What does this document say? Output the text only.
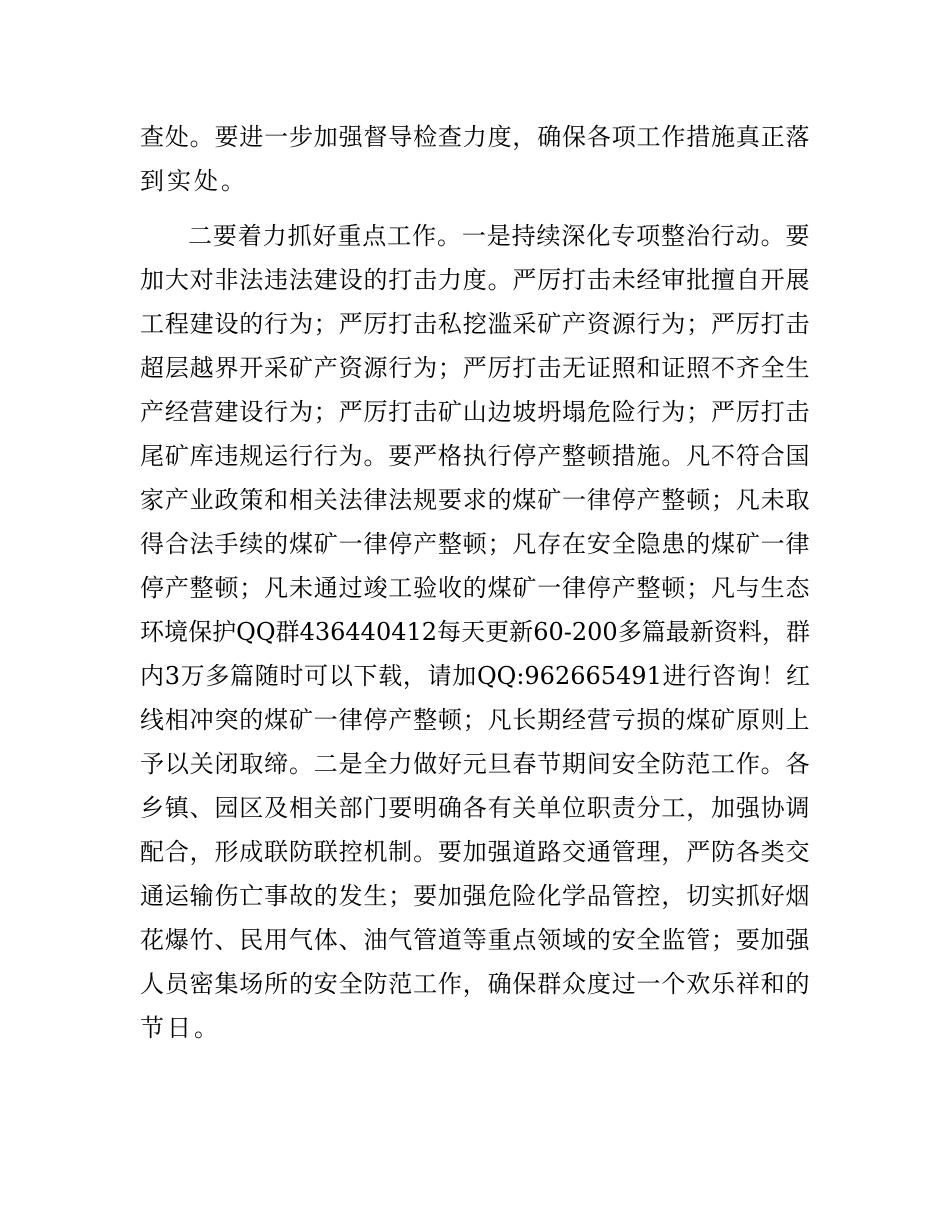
查处。要进一步加强督导检查力度，确保各项工作措施真正落
到实处。
二要着力抓好重点工作。一是持续深化专项整治行动。要
加大对非法违法建设的打击力度。严厉打击未经审批擅自开展
工程建设的行为；严厉打击私挖滥采矿产资源行为；严厉打击
超层越界开采矿产资源行为；严厉打击无证照和证照不齐全生
产经营建设行为；严厉打击矿山边坡坍塌危险行为；严厉打击
尾矿库违规运行行为。要严格执行停产整顿措施。凡不符合国
家产业政策和相关法律法规要求的煤矿一律停产整顿；凡未取
得合法手续的煤矿一律停产整顿；凡存在安全隐患的煤矿一律
停产整顿；凡未通过竣工验收的煤矿一律停产整顿；凡与生态
环境保护QQ群436440412每天更新60-200多篇最新资料，群
内3万多篇随时可以下载，请加QQ:962665491进行咨询！红
线相冲突的煤矿一律停产整顿；凡长期经营亏损的煤矿原则上
予以关闭取缔。二是全力做好元旦春节期间安全防范工作。各
乡镇、园区及相关部门要明确各有关单位职责分工，加强协调
配合，形成联防联控机制。要加强道路交通管理，严防各类交
通运输伤亡事故的发生；要加强危险化学品管控，切实抓好烟
花爆竹、民用气体、油气管道等重点领域的安全监管；要加强
人员密集场所的安全防范工作，确保群众度过一个欢乐祥和的
节日。
